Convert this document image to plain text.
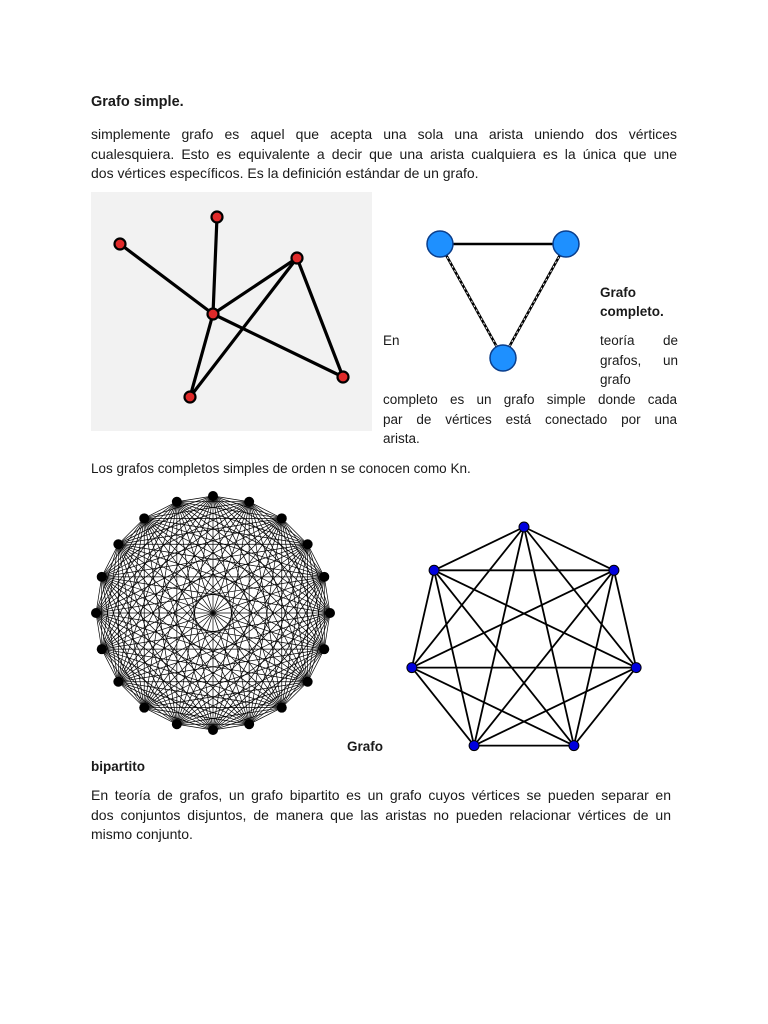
Grafo simple.
simplemente grafo es aquel que acepta una sola una arista uniendo dos vértices
cualesquiera. Esto es equivalente a decir que una arista cualquiera es la única que une
dos vértices específicos. Es la definición estándar de un grafo.
Grafo
completo.
En	teoría de
grafos, un
grafo
completo es un grafo simple donde cada
par de vértices está conectado por una
arista.
Los grafos completos simples de orden n se conocen como Kn.
Grafo
bipartito
En teoría de grafos, un grafo bipartito es un grafo cuyos vértices se pueden separar en
dos conjuntos disjuntos, de manera que las aristas no pueden relacionar vértices de un
mismo conjunto.
